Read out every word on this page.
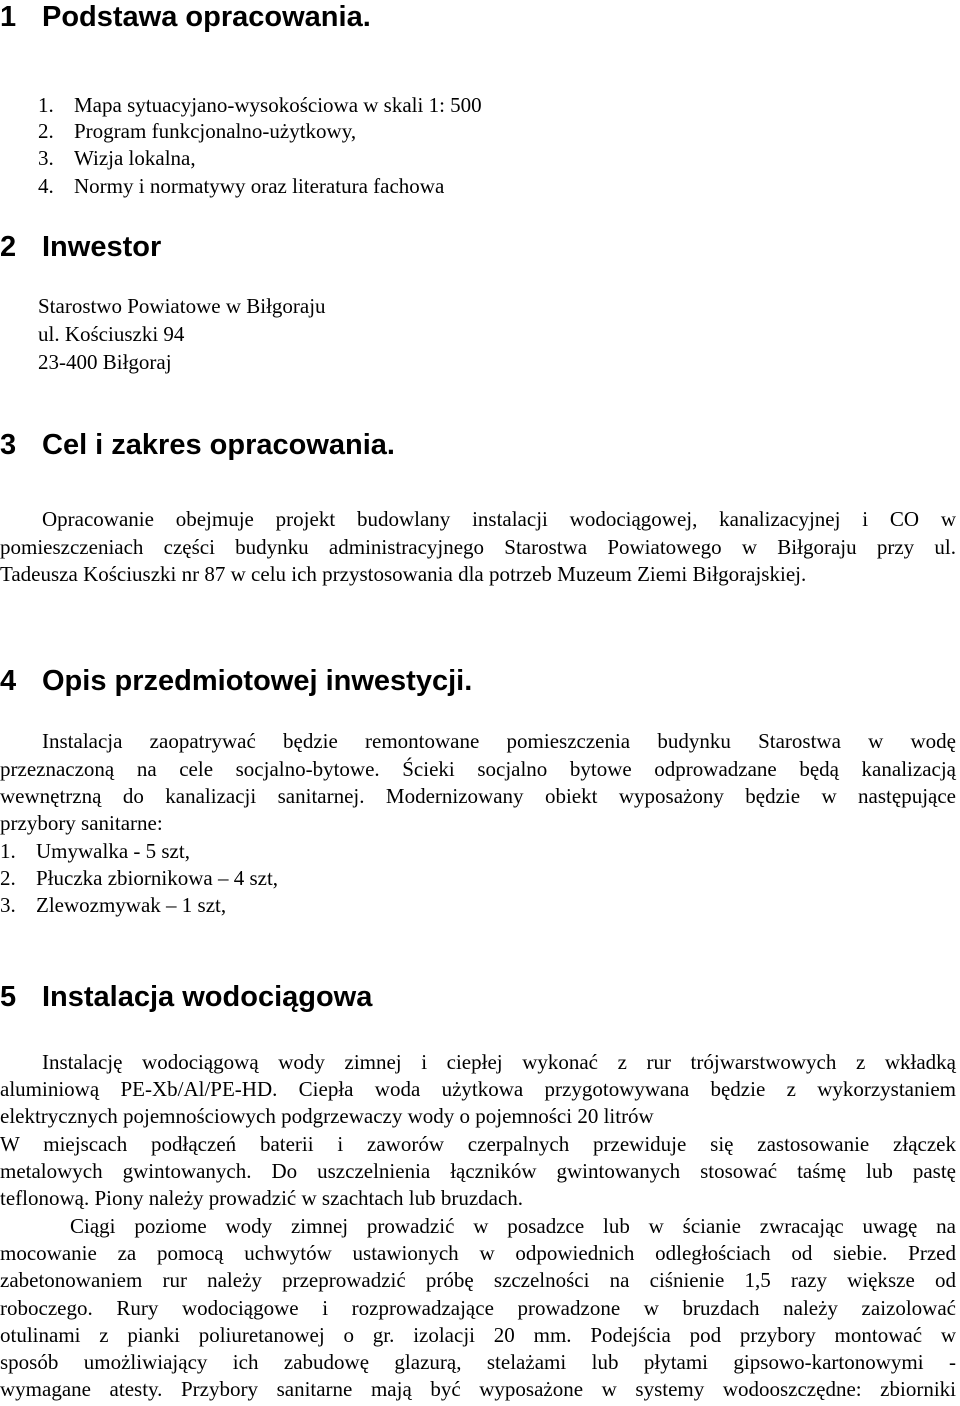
1 Podstawa opracowania.
1. Mapa sytuacyjano-wysokościowa w skali 1: 500
2. Program funkcjonalno-użytkowy,
3. Wizja lokalna,
4. Normy i normatywy oraz literatura fachowa
2 Inwestor
Starostwo Powiatowe w Biłgoraju
ul. Kościuszki 94
23-400 Biłgoraj
3 Cel i zakres opracowania.
Opracowanie obejmuje projekt budowlany instalacji wodociągowej, kanalizacyjnej i CO w
pomieszczeniach części budynku administracyjnego Starostwa Powiatowego w Biłgoraju przy ul.
Tadeusza Kościuszki nr 87 w celu ich przystosowania dla potrzeb Muzeum Ziemi Biłgorajskiej.
4 Opis przedmiotowej inwestycji.
Instalacja zaopatrywać będzie remontowane pomieszczenia budynku Starostwa w wodę
przeznaczoną na cele socjalno-bytowe. Ścieki socjalno bytowe odprowadzane będą kanalizacją
wewnętrzną do kanalizacji sanitarnej. Modernizowany obiekt wyposażony będzie w następujące
przybory sanitarne:
1. Umywalka - 5 szt,
2. Płuczka zbiornikowa – 4 szt,
3. Zlewozmywak – 1 szt,
5 Instalacja wodociągowa
Instalację wodociągową wody zimnej i ciepłej wykonać z rur trójwarstwowych z wkładką
aluminiową PE-Xb/Al/PE-HD. Ciepła woda użytkowa przygotowywana będzie z wykorzystaniem
elektrycznych pojemnościowych podgrzewaczy wody o pojemności 20 litrów
W miejscach podłączeń baterii i zaworów czerpalnych przewiduje się zastosowanie złączek
metalowych gwintowanych. Do uszczelnienia łączników gwintowanych stosować taśmę lub pastę
teflonową. Piony należy prowadzić w szachtach lub bruzdach.
Ciągi poziome wody zimnej prowadzić w posadzce lub w ścianie zwracając uwagę na
mocowanie za pomocą uchwytów ustawionych w odpowiednich odległościach od siebie. Przed
zabetonowaniem rur należy przeprowadzić próbę szczelności na ciśnienie 1,5 razy większe od
roboczego. Rury wodociągowe i rozprowadzające prowadzone w bruzdach należy zaizolować
otulinami z pianki poliuretanowej o gr. izolacji 20 mm. Podejścia pod przybory montować w
sposób umożliwiający ich zabudowę glazurą, stelażami lub płytami gipsowo-kartonowymi -
wymagane atesty. Przybory sanitarne mają być wyposażone w systemy wodooszczędne: zbiorniki
